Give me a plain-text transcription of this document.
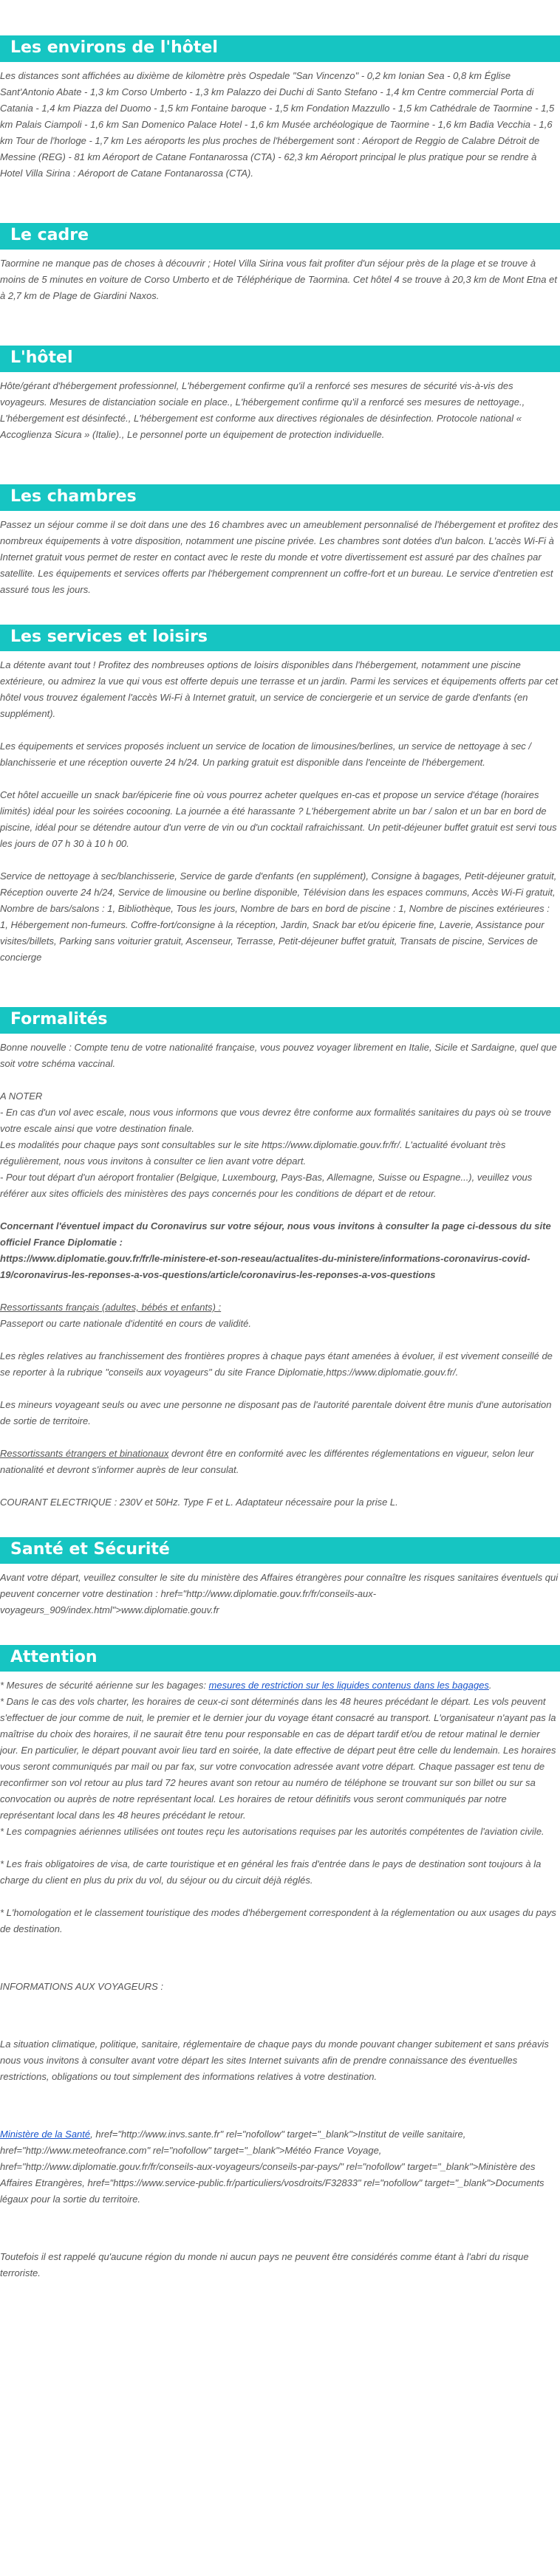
Les environs de l'hôtel

Les distances sont affichées au dixième de kilomètre près Ospedale "San Vincenzo" - 0,2 km Ionian Sea - 0,8 km Église Sant'Antonio Abate - 1,3 km Corso Umberto - 1,3 km Palazzo dei Duchi di Santo Stefano - 1,4 km Centre commercial Porta di Catania - 1,4 km Piazza del Duomo - 1,5 km Fontaine baroque - 1,5 km Fondation Mazzullo - 1,5 km Cathédrale de Taormine - 1,5 km Palais Ciampoli - 1,6 km San Domenico Palace Hotel - 1,6 km Musée archéologique de Taormine - 1,6 km Badia Vecchia - 1,6 km Tour de l'horloge - 1,7 km Les aéroports les plus proches de l'hébergement sont : Aéroport de Reggio de Calabre Détroit de Messine (REG) - 81 km Aéroport de Catane Fontanarossa (CTA) - 62,3 km Aéroport principal le plus pratique pour se rendre à Hotel Villa Sirina : Aéroport de Catane Fontanarossa (CTA).

Le cadre

Taormine ne manque pas de choses à découvrir ; Hotel Villa Sirina vous fait profiter d'un séjour près de la plage et se trouve à moins de 5 minutes en voiture de Corso Umberto et de Téléphérique de Taormina. Cet hôtel 4 se trouve à 20,3 km de Mont Etna et à 2,7 km de Plage de Giardini Naxos.

L'hôtel

Hôte/gérant d'hébergement professionnel, L'hébergement confirme qu'il a renforcé ses mesures de sécurité vis-à-vis des voyageurs. Mesures de distanciation sociale en place., L'hébergement confirme qu'il a renforcé ses mesures de nettoyage., L'hébergement est désinfecté., L'hébergement est conforme aux directives régionales de désinfection. Protocole national « Accoglienza Sicura » (Italie)., Le personnel porte un équipement de protection individuelle.

Les chambres

Passez un séjour comme il se doit dans une des 16 chambres avec un ameublement personnalisé de l'hébergement et profitez des nombreux équipements à votre disposition, notamment une piscine privée. Les chambres sont dotées d'un balcon. L'accès Wi-Fi à Internet gratuit vous permet de rester en contact avec le reste du monde et votre divertissement est assuré par des chaînes par satellite. Les équipements et services offerts par l'hébergement comprennent un coffre-fort et un bureau. Le service d'entretien est assuré tous les jours.

Les services et loisirs

La détente avant tout ! Profitez des nombreuses options de loisirs disponibles dans l'hébergement, notamment une piscine extérieure, ou admirez la vue qui vous est offerte depuis une terrasse et un jardin. Parmi les services et équipements offerts par cet hôtel vous trouvez également l'accès Wi-Fi à Internet gratuit, un service de conciergerie et un service de garde d'enfants (en supplément).

Les équipements et services proposés incluent un service de location de limousines/berlines, un service de nettoyage à sec / blanchisserie et une réception ouverte 24 h/24. Un parking gratuit est disponible dans l'enceinte de l'hébergement.

Cet hôtel accueille un snack bar/épicerie fine où vous pourrez acheter quelques en-cas et propose un service d'étage (horaires limités) idéal pour les soirées cocooning. La journée a été harassante ? L'hébergement abrite un bar / salon et un bar en bord de piscine, idéal pour se détendre autour d'un verre de vin ou d'un cocktail rafraichissant. Un petit-déjeuner buffet gratuit est servi tous les jours de 07 h 30 à 10 h 00.

Service de nettoyage à sec/blanchisserie, Service de garde d'enfants (en supplément), Consigne à bagages, Petit-déjeuner gratuit, Réception ouverte 24 h/24, Service de limousine ou berline disponible, Télévision dans les espaces communs, Accès Wi-Fi gratuit, Nombre de bars/salons : 1, Bibliothèque, Tous les jours, Nombre de bars en bord de piscine : 1, Nombre de piscines extérieures : 1, Hébergement non-fumeurs. Coffre-fort/consigne à la réception, Jardin, Snack bar et/ou épicerie fine, Laverie, Assistance pour visites/billets, Parking sans voiturier gratuit, Ascenseur, Terrasse, Petit-déjeuner buffet gratuit, Transats de piscine, Services de concierge

Formalités

Bonne nouvelle : Compte tenu de votre nationalité française, vous pouvez voyager librement en Italie, Sicile et Sardaigne, quel que soit votre schéma vaccinal.

A NOTER

- En cas d'un vol avec escale, nous vous informons que vous devrez être conforme aux formalités sanitaires du pays où se trouve votre escale ainsi que votre destination finale.

Les modalités pour chaque pays sont consultables sur le site https://www.diplomatie.gouv.fr/fr/. L'actualité évoluant très régulièrement, nous vous invitons à consulter ce lien avant votre départ.

- Pour tout départ d'un aéroport frontalier (Belgique, Luxembourg, Pays-Bas, Allemagne, Suisse ou Espagne...), veuillez vous référer aux sites officiels des ministères des pays concernés pour les conditions de départ et de retour.

Concernant l'éventuel impact du Coronavirus sur votre séjour, nous vous invitons à consulter la page ci-dessous du site officiel France Diplomatie :

https://www.diplomatie.gouv.fr/fr/le-ministere-et-son-reseau/actualites-du-ministere/informations-coronavirus-covid-19/coronavirus-les-reponses-a-vos-questions/article/coronavirus-les-reponses-a-vos-questions

Ressortissants français (adultes, bébés et enfants) :

Passeport ou carte nationale d'identité en cours de validité.

Les règles relatives au franchissement des frontières propres à chaque pays étant amenées à évoluer, il est vivement conseillé de se reporter à la rubrique "conseils aux voyageurs" du site France Diplomatie,https://www.diplomatie.gouv.fr/.

Les mineurs voyageant seuls ou avec une personne ne disposant pas de l'autorité parentale doivent être munis d'une autorisation de sortie de territoire.

Ressortissants étrangers et binationaux devront être en conformité avec les différentes réglementations en vigueur, selon leur nationalité et devront s'informer auprès de leur consulat.

COURANT ELECTRIQUE : 230V et 50Hz. Type F et L. Adaptateur nécessaire pour la prise L.

Santé et Sécurité

Avant votre départ, veuillez consulter le site du ministère des Affaires étrangères pour connaître les risques sanitaires éventuels qui peuvent concerner votre destination : href="http://www.diplomatie.gouv.fr/fr/conseils-aux-voyageurs_909/index.html">www.diplomatie.gouv.fr

Attention

* Mesures de sécurité aérienne sur les bagages: mesures de restriction sur les liquides contenus dans les bagages.

* Dans le cas des vols charter, les horaires de ceux-ci sont déterminés dans les 48 heures précédant le départ. Les vols peuvent s'effectuer de jour comme de nuit, le premier et le dernier jour du voyage étant consacré au transport. L'organisateur n'ayant pas la maîtrise du choix des horaires, il ne saurait être tenu pour responsable en cas de départ tardif et/ou de retour matinal le dernier jour. En particulier, le départ pouvant avoir lieu tard en soirée, la date effective de départ peut être celle du lendemain. Les horaires vous seront communiqués par mail ou par fax, sur votre convocation adressée avant votre départ. Chaque passager est tenu de reconfirmer son vol retour au plus tard 72 heures avant son retour au numéro de téléphone se trouvant sur son billet ou sur sa convocation ou auprès de notre représentant local. Les horaires de retour définitifs vous seront communiqués par notre représentant local dans les 48 heures précédant le retour.

* Les compagnies aériennes utilisées ont toutes reçu les autorisations requises par les autorités compétentes de l'aviation civile.

* Les frais obligatoires de visa, de carte touristique et en général les frais d'entrée dans le pays de destination sont toujours à la charge du client en plus du prix du vol, du séjour ou du circuit déjà réglés.

* L'homologation et le classement touristique des modes d'hébergement correspondent à la réglementation ou aux usages du pays de destination.

INFORMATIONS AUX VOYAGEURS :

La situation climatique, politique, sanitaire, réglementaire de chaque pays du monde pouvant changer subitement et sans préavis
nous vous invitons à consulter avant votre départ les sites Internet suivants afin de prendre connaissance des éventuelles restrictions, obligations ou tout simplement des informations relatives à votre destination.

Ministère de la Santé, href="http://www.invs.sante.fr" rel="nofollow" target="_blank">Institut de veille sanitaire, href="http://www.meteofrance.com" rel="nofollow" target="_blank">Météo France Voyage, href="http://www.diplomatie.gouv.fr/fr/conseils-aux-voyageurs/conseils-par-pays/" rel="nofollow" target="_blank">Ministère des Affaires Etrangères, href="https://www.service-public.fr/particuliers/vosdroits/F32833" rel="nofollow" target="_blank">Documents légaux pour la sortie du territoire.

Toutefois il est rappelé qu'aucune région du monde ni aucun pays ne peuvent être considérés comme étant à l'abri du risque terroriste.
